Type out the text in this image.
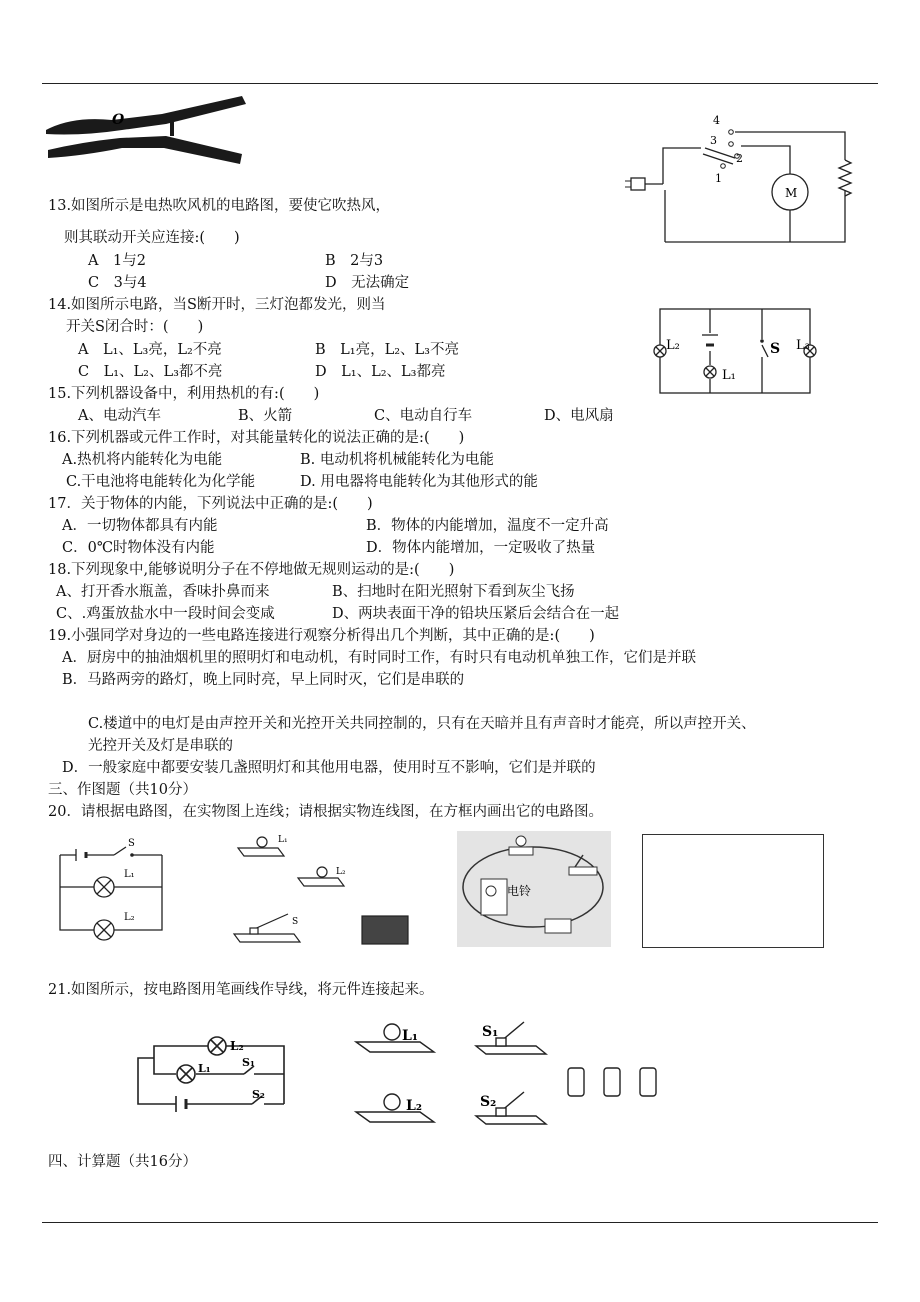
O	4
3
2
1
M
13.如图所示是电热吹风机的电路图，要使它吹热风，
则其联动开关应连接:(　　)
A　1与2	B　2与3
C　3与4	D　无法确定
L₂
L₁
S L₃
14.如图所示电路，当S断开时，三灯泡都发光，则当
开关S闭合时：(　　)
A　L₁、L₃亮，L₂不亮	B　L₁亮，L₂、L₃不亮
C　L₁、L₂、L₃都不亮	D　L₁、L₂、L₃都亮
15.下列机器设备中，利用热机的有:(　　)
A、电动汽车	B、火箭	C、电动自行车	D、电风扇
16.下列机器或元件工作时，对其能量转化的说法正确的是:(　　)
A.热机将内能转化为电能	B. 电动机将机械能转化为电能
C.干电池将电能转化为化学能	D. 用电器将电能转化为其他形式的能
17．关于物体的内能，下列说法中正确的是:(　　)
A．一切物体都具有内能	B．物体的内能增加，温度不一定升高
C．0℃时物体没有内能	D．物体内能增加，一定吸收了热量
18.下列现象中,能够说明分子在不停地做无规则运动的是:(　　)
A、打开香水瓶盖，香味扑鼻而来	B、扫地时在阳光照射下看到灰尘飞扬
C、.鸡蛋放盐水中一段时间会变咸	D、两块表面干净的铅块压紧后会结合在一起
19.小强同学对身边的一些电路连接进行观察分析得出几个判断，其中正确的是:(　　)
A．厨房中的抽油烟机里的照明灯和电动机，有时同时工作，有时只有电动机单独工作，它们是并联
B．马路两旁的路灯，晚上同时亮，早上同时灭，它们是串联的
C.楼道中的电灯是由声控开关和光控开关共同控制的，只有在天暗并且有声音时才能亮，所以声控开关、
光控开关及灯是串联的
D．一般家庭中都要安装几盏照明灯和其他用电器，使用时互不影响，它们是并联的
三、作图题（共10分）
20．请根据电路图，在实物图上连线；请根据实物连线图，在方框内画出它的电路图。
S
L₁
L₂
L₁
L₂
S
电铃
21.如图所示，按电路图用笔画线作导线，将元件连接起来。
L₂
L₁	S₁
S₂
L₁
L₂
S₁
S₂
四、计算题（共16分）
